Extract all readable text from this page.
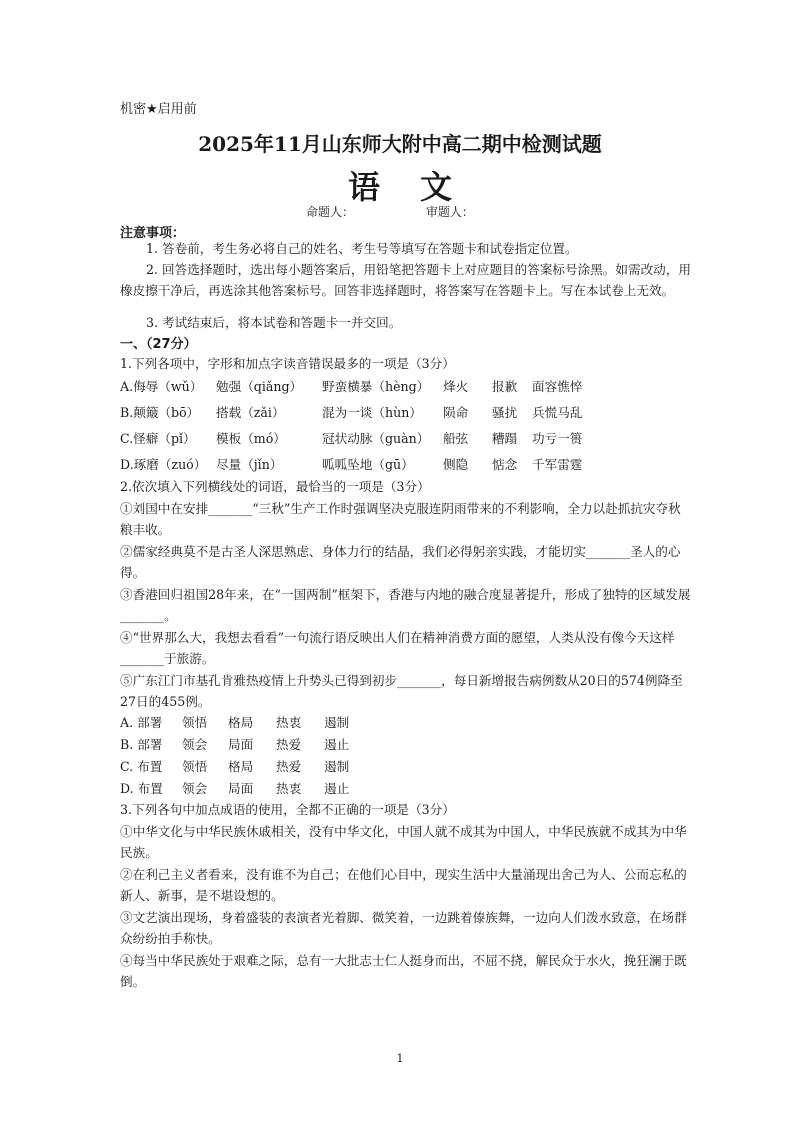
机密★启用前
2025年11月山东师大附中高二期中检测试题
语文
命题人：	审题人：
注意事项：
1. 答卷前，考生务必将自己的姓名、考生号等填写在答题卡和试卷指定位置。
2. 回答选择题时，选出每小题答案后，用铅笔把答题卡上对应题目的答案标号涂黑。如需改动，用橡皮擦干净后，再选涂其他答案标号。回答非选择题时，将答案写在答题卡上。写在本试卷上无效。
3. 考试结束后，将本试卷和答题卡一并交回。
一、（27分）
1.下列各项中，字形和加点字读音错误最多的一项是（3分）
A.侮辱（wǔ） 勉强（qiǎng） 野蛮横暴（hèng） 烽火 报歉 面容憔悴
B.颠簸（bō） 搭载（zǎi）	混为一谈（hùn） 陨命 骚扰 兵慌马乱
C.怪癖（pǐ） 模板（mó）	冠状动脉（guàn） 船弦 糟蹋 功亏一篑
D.琢磨（zuó） 尽量（jǐn）	呱呱坠地（gū） 侧隐 惦念 千军雷霆
2.依次填入下列横线处的词语，最恰当的一项是（3分）
①刘国中在安排_______“三秋”生产工作时强调坚决克服连阴雨带来的不利影响，全力以赴抓抗灾夺秋粮丰收。
②儒家经典莫不是古圣人深思熟虑、身体力行的结晶，我们必得躬亲实践，才能切实_______圣人的心得。
③香港回归祖国28年来，在“一国两制”框架下，香港与内地的融合度显著提升，形成了独特的区域发展_______。
④“世界那么大，我想去看看”一句流行语反映出人们在精神消费方面的愿望，人类从没有像今天这样_______于旅游。
⑤广东江门市基孔肯雅热疫情上升势头已得到初步_______，每日新增报告病例数从20日的574例降至27日的455例。
A. 部署 领悟 格局 热衷 遏制
B. 部署 领会 局面 热爱 遏止
C. 布置 领悟 格局 热爱 遏制
D. 布置 领会 局面 热衷 遏止
3.下列各句中加点成语的使用，全都不正确的一项是（3分）
①中华文化与中华民族休戚相关，没有中华文化，中国人就不成其为中国人，中华民族就不成其为中华民族。
②在利己主义者看来，没有谁不为自己；在他们心目中，现实生活中大量涌现出舍己为人、公而忘私的新人、新事，是不堪设想的。
③文艺演出现场，身着盛装的表演者光着脚、微笑着，一边跳着傣族舞，一边向人们泼水致意，在场群众纷纷拍手称快。
④每当中华民族处于艰难之际，总有一大批志士仁人挺身而出，不屈不挠，解民众于水火，挽狂澜于既倒。
1
